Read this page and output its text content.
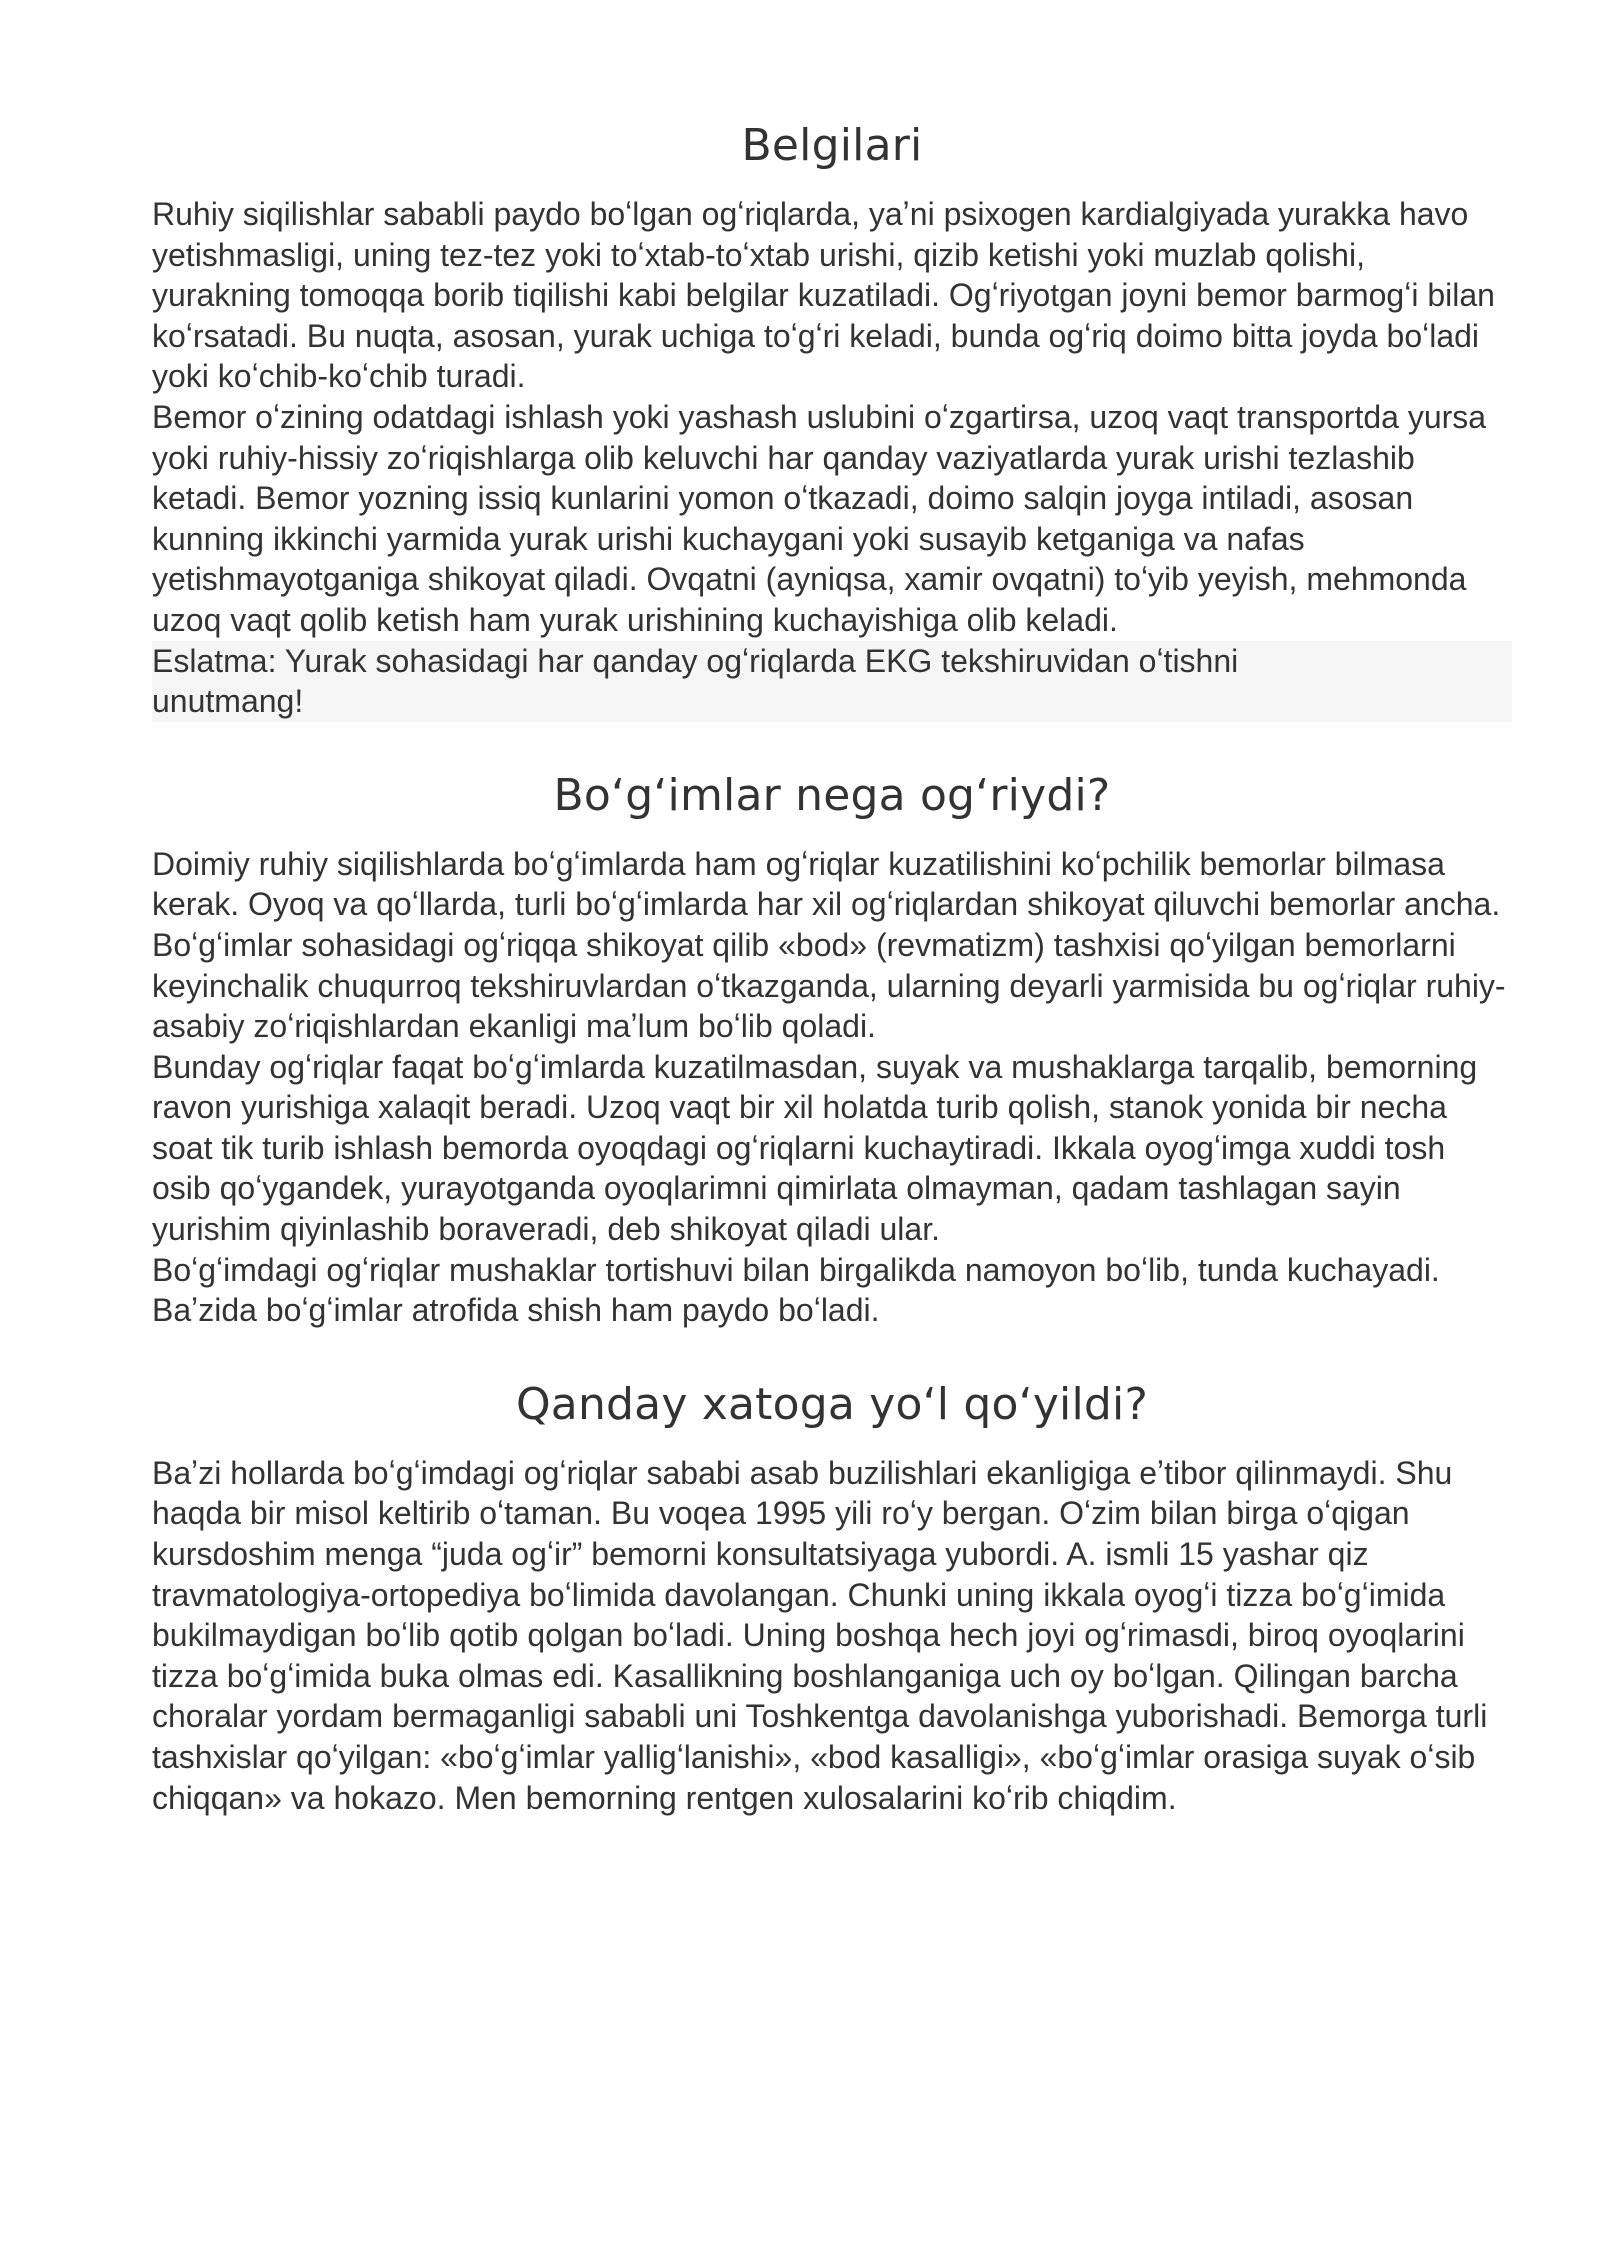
Belgilari

Ruhiy siqilishlar sababli paydo boʻlgan ogʻriqlarda, yaʼni psixogen kardialgiyada yurakka havo yetishmasligi, uning tez-tez yoki toʻxtab-toʻxtab urishi, qizib ketishi yoki muzlab qolishi, yurakning tomoqqa borib tiqilishi kabi belgilar kuzatiladi. Ogʻriyotgan joyni bemor barmogʻi bilan koʻrsatadi. Bu nuqta, asosan, yurak uchiga toʻgʻri keladi, bunda ogʻriq doimo bitta joyda boʻladi yoki koʻchib-koʻchib turadi.

Bemor oʻzining odatdagi ishlash yoki yashash uslubini oʻzgartirsa, uzoq vaqt transportda yursa yoki ruhiy-hissiy zoʻriqishlarga olib keluvchi har qanday vaziyatlarda yurak urishi tezlashib ketadi. Bemor yozning issiq kunlarini yomon oʻtkazadi, doimo salqin joyga intiladi, asosan kunning ikkinchi yarmida yurak urishi kuchaygani yoki susayib ketganiga va nafas yetishmayotganiga shikoyat qiladi. Ovqatni (ayniqsa, xamir ovqatni) toʻyib yeyish, mehmonda uzoq vaqt qolib ketish ham yurak urishining kuchayishiga olib keladi.

Eslatma: Yurak sohasidagi har qanday ogʻriqlarda EKG tekshiruvidan oʻtishni unutmang!

Boʻgʻimlar nega ogʻriydi?

Doimiy ruhiy siqilishlarda boʻgʻimlarda ham ogʻriqlar kuzatilishini koʻpchilik bemorlar bilmasa kerak. Oyoq va qoʻllarda, turli boʻgʻimlarda har xil ogʻriqlardan shikoyat qiluvchi bemorlar ancha. Boʻgʻimlar sohasidagi ogʻriqqa shikoyat qilib «bod» (revmatizm) tashxisi qoʻyilgan bemorlarni keyinchalik chuqurroq tekshiruvlardan oʻtkazganda, ularning deyarli yarmisida bu ogʻriqlar ruhiy-asabiy zoʻriqishlardan ekanligi maʼlum boʻlib qoladi.

Bunday ogʻriqlar faqat boʻgʻimlarda kuzatilmasdan, suyak va mushaklarga tarqalib, bemorning ravon yurishiga xalaqit beradi. Uzoq vaqt bir xil holatda turib qolish, stanok yonida bir necha soat tik turib ishlash bemorda oyoqdagi ogʻriqlarni kuchaytiradi. Ikkala oyogʻimga xuddi tosh osib qoʻygandek, yurayotganda oyoqlarimni qimirlata olmayman, qadam tashlagan sayin yurishim qiyinlashib boraveradi, deb shikoyat qiladi ular.

Boʻgʻimdagi ogʻriqlar mushaklar tortishuvi bilan birgalikda namoyon boʻlib, tunda kuchayadi.

Baʼzida boʻgʻimlar atrofida shish ham paydo boʻladi.

Qanday xatoga yoʻl qoʻyildi?

Baʼzi hollarda boʻgʻimdagi ogʻriqlar sababi asab buzilishlari ekanligiga eʼtibor qilinmaydi. Shu haqda bir misol keltirib oʻtaman. Bu voqea 1995 yili roʻy bergan. Oʻzim bilan birga oʻqigan kursdoshim menga “juda ogʻir” bemorni konsultatsiyaga yubordi. A. ismli 15 yashar qiz travmatologiya-ortopediya boʻlimida davolangan. Chunki uning ikkala oyogʻi tizza boʻgʻimida bukilmaydigan boʻlib qotib qolgan boʻladi. Uning boshqa hech joyi ogʻrimasdi, biroq oyoqlarini tizza boʻgʻimida buka olmas edi. Kasallikning boshlanganiga uch oy boʻlgan. Qilingan barcha choralar yordam bermaganligi sababli uni Toshkentga davolanishga yuborishadi. Bemorga turli tashxislar qoʻyilgan: «boʻgʻimlar yalligʻlanishi», «bod kasalligi», «boʻgʻimlar orasiga suyak oʻsib chiqqan» va hokazo. Men bemorning rentgen xulosalarini koʻrib chiqdim.
